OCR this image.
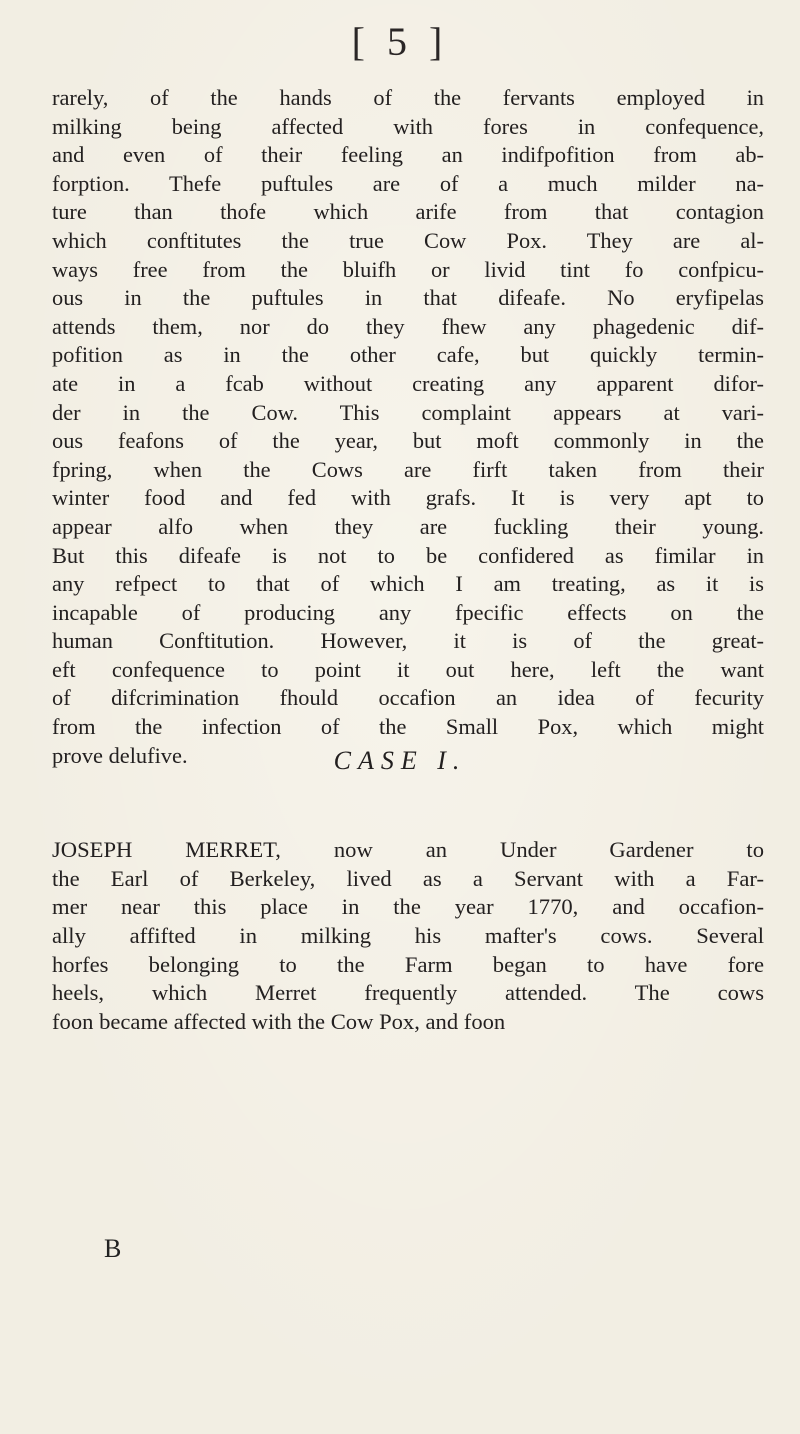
[ 5 ]
rarely, of the hands of the fervants employed in
milking being affected with fores in confequence,
and even of their feeling an indifpofition from ab-
forption. Thefe puftules are of a much milder na-
ture than thofe which arife from that contagion
which conftitutes the true Cow Pox. They are al-
ways free from the bluifh or livid tint fo confpicu-
ous in the puftules in that difeafe. No eryfipelas
attends them, nor do they fhew any phagedenic dif-
pofition as in the other cafe, but quickly termin-
ate in a fcab without creating any apparent difor-
der in the Cow. This complaint appears at vari-
ous feafons of the year, but moft commonly in the
fpring, when the Cows are firft taken from their
winter food and fed with grafs. It is very apt to
appear alfo when they are fuckling their young.
But this difeafe is not to be confidered as fimilar in
any refpect to that of which I am treating, as it is
incapable of producing any fpecific effects on the
human Conftitution. However, it is of the great-
eft confequence to point it out here, left the want
of difcrimination fhould occafion an idea of fecurity
from the infection of the Small Pox, which might
prove delufive.	CASE I.
JOSEPH MERRET, now an Under Gardener to
the Earl of Berkeley, lived as a Servant with a Far-
mer near this place in the year 1770, and occafion-
ally affifted in milking his mafter's cows. Several
horfes belonging to the Farm began to have fore
heels, which Merret frequently attended. The cows
foon became affected with the Cow Pox, and foon
B
